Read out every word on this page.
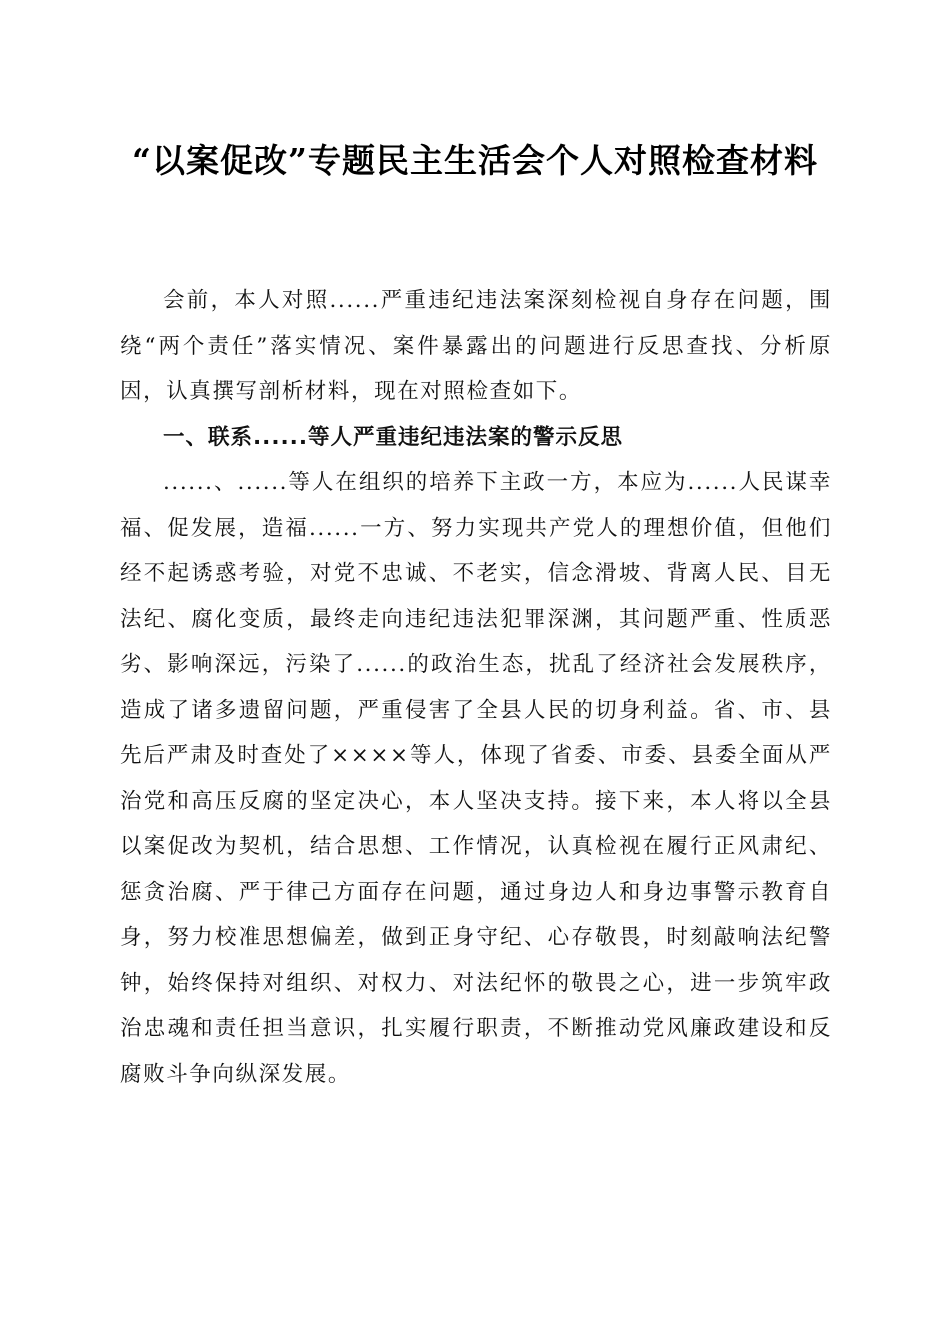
“以案促改”专题民主生活会个人对照检查材料

会前，本人对照......严重违纪违法案深刻检视自身存在问题，围绕“两个责任”落实情况、案件暴露出的问题进行反思查找、分析原因，认真撰写剖析材料，现在对照检查如下。

一、联系......等人严重违纪违法案的警示反思

......、......等人在组织的培养下主政一方，本应为......人民谋幸福、促发展，造福......一方、努力实现共产党人的理想价值，但他们经不起诱惑考验，对党不忠诚、不老实，信念滑坡、背离人民、目无法纪、腐化变质，最终走向违纪违法犯罪深渊，其问题严重、性质恶劣、影响深远，污染了......的政治生态，扰乱了经济社会发展秩序，造成了诸多遗留问题，严重侵害了全县人民的切身利益。省、市、县先后严肃及时查处了××××等人，体现了省委、市委、县委全面从严治党和高压反腐的坚定决心，本人坚决支持。接下来，本人将以全县以案促改为契机，结合思想、工作情况，认真检视在履行正风肃纪、惩贪治腐、严于律己方面存在问题，通过身边人和身边事警示教育自身，努力校准思想偏差，做到正身守纪、心存敬畏，时刻敲响法纪警钟，始终保持对组织、对权力、对法纪怀的敬畏之心，进一步筑牢政治忠魂和责任担当意识，扎实履行职责，不断推动党风廉政建设和反腐败斗争向纵深发展。
